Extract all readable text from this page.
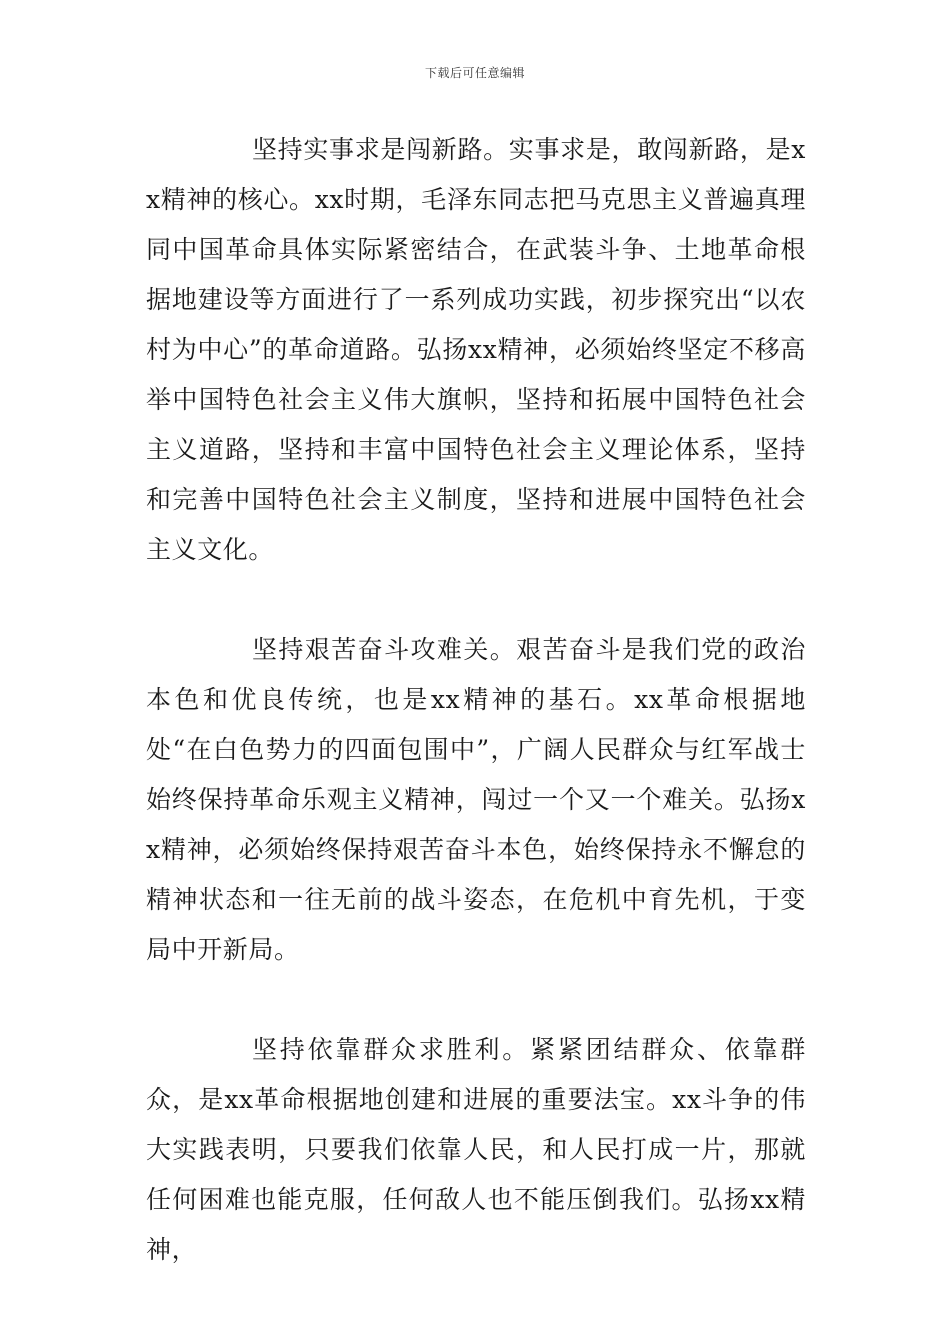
下载后可任意编辑

坚持实事求是闯新路。实事求是，敢闯新路，是xx精神的核心。xx时期，毛泽东同志把马克思主义普遍真理同中国革命具体实际紧密结合，在武装斗争、土地革命根据地建设等方面进行了一系列成功实践，初步探究出“以农村为中心”的革命道路。弘扬xx精神，必须始终坚定不移高举中国特色社会主义伟大旗帜，坚持和拓展中国特色社会主义道路，坚持和丰富中国特色社会主义理论体系，坚持和完善中国特色社会主义制度，坚持和进展中国特色社会主义文化。

坚持艰苦奋斗攻难关。艰苦奋斗是我们党的政治本色和优良传统，也是xx精神的基石。xx革命根据地处“在白色势力的四面包围中”，广阔人民群众与红军战士始终保持革命乐观主义精神，闯过一个又一个难关。弘扬xx精神，必须始终保持艰苦奋斗本色，始终保持永不懈怠的精神状态和一往无前的战斗姿态，在危机中育先机，于变局中开新局。

坚持依靠群众求胜利。紧紧团结群众、依靠群众，是xx革命根据地创建和进展的重要法宝。xx斗争的伟大实践表明，只要我们依靠人民，和人民打成一片，那就任何困难也能克服，任何敌人也不能压倒我们。弘扬xx精神，
